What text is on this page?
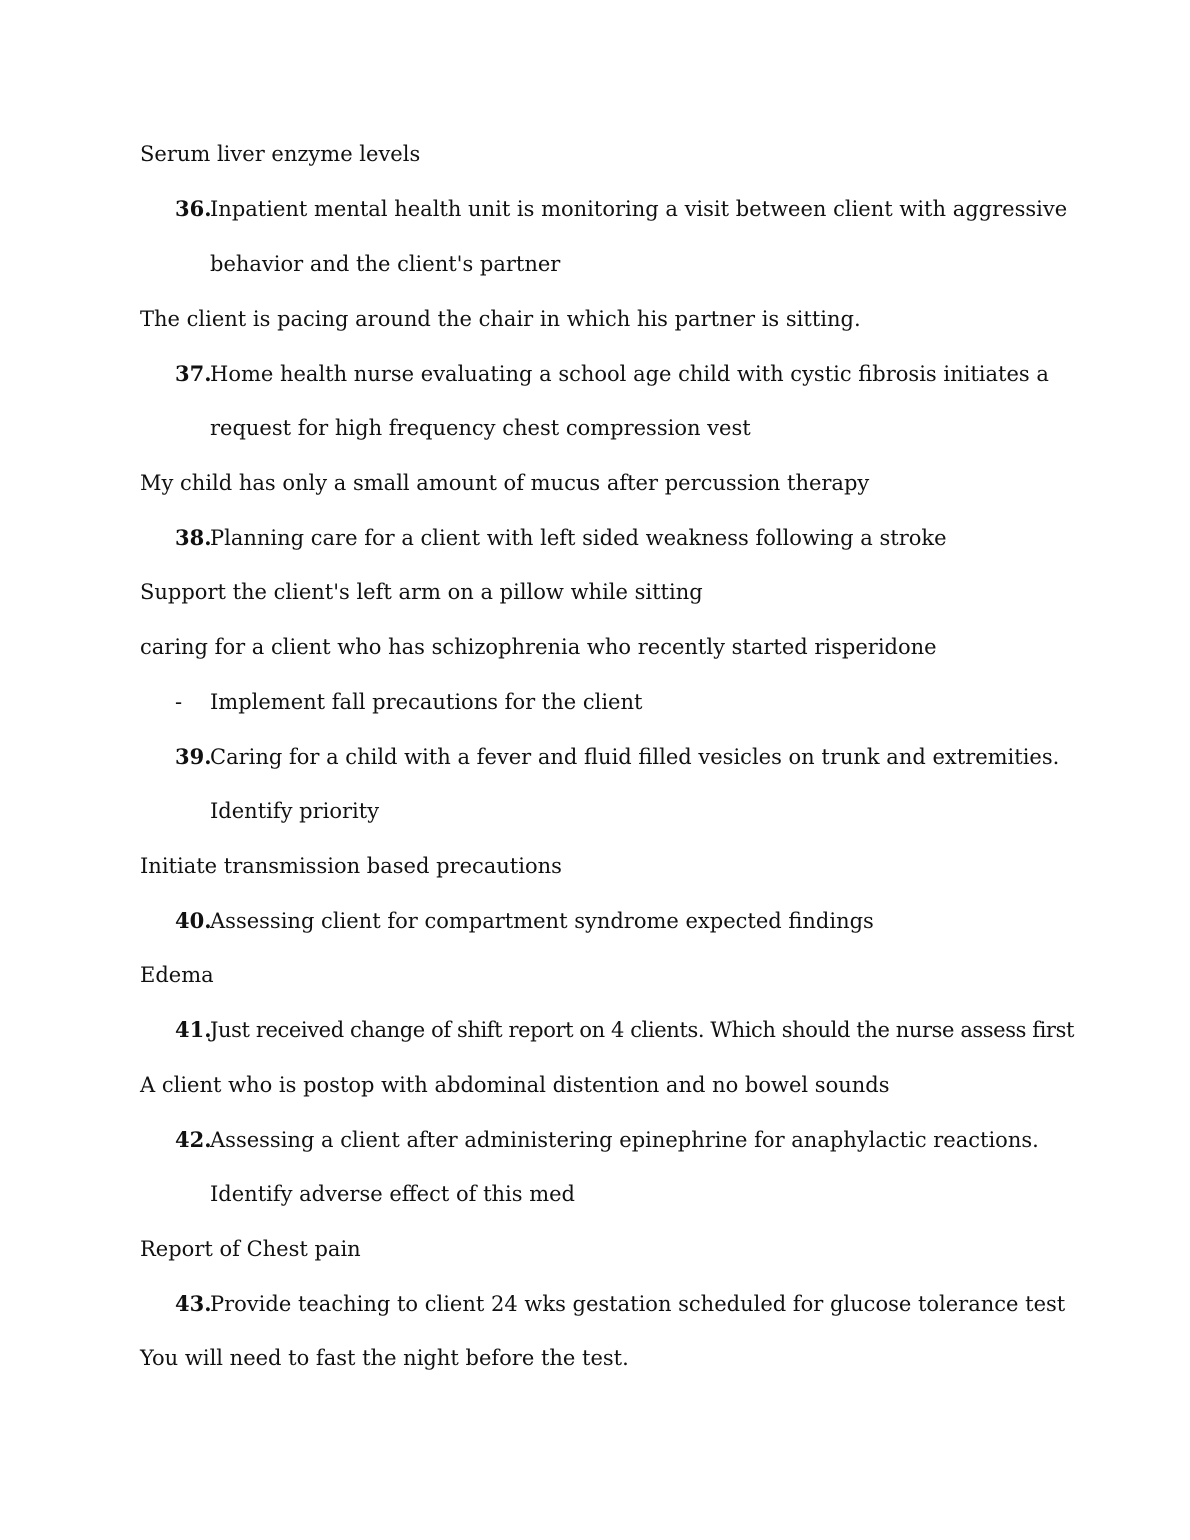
Serum liver enzyme levels
36.
Inpatient mental health unit is monitoring a visit between client with aggressive
behavior and the client's partner
The client is pacing around the chair in which his partner is sitting.
37.
Home health nurse evaluating a school age child with cystic fibrosis initiates a
request for high frequency chest compression vest
My child has only a small amount of mucus after percussion therapy
38.
Planning care for a client with left sided weakness following a stroke
Support the client's left arm on a pillow while sitting
caring for a client who has schizophrenia who recently started risperidone
- Implement fall precautions for the client
39.
Caring for a child with a fever and fluid filled vesicles on trunk and extremities.
Identify priority
Initiate transmission based precautions
40.
Assessing client for compartment syndrome expected findings
Edema
41.
Just received change of shift report on 4 clients. Which should the nurse assess first
A client who is postop with abdominal distention and no bowel sounds
42.
Assessing a client after administering epinephrine for anaphylactic reactions.
Identify adverse effect of this med
Report of Chest pain
43.
Provide teaching to client 24 wks gestation scheduled for glucose tolerance test
You will need to fast the night before the test.
